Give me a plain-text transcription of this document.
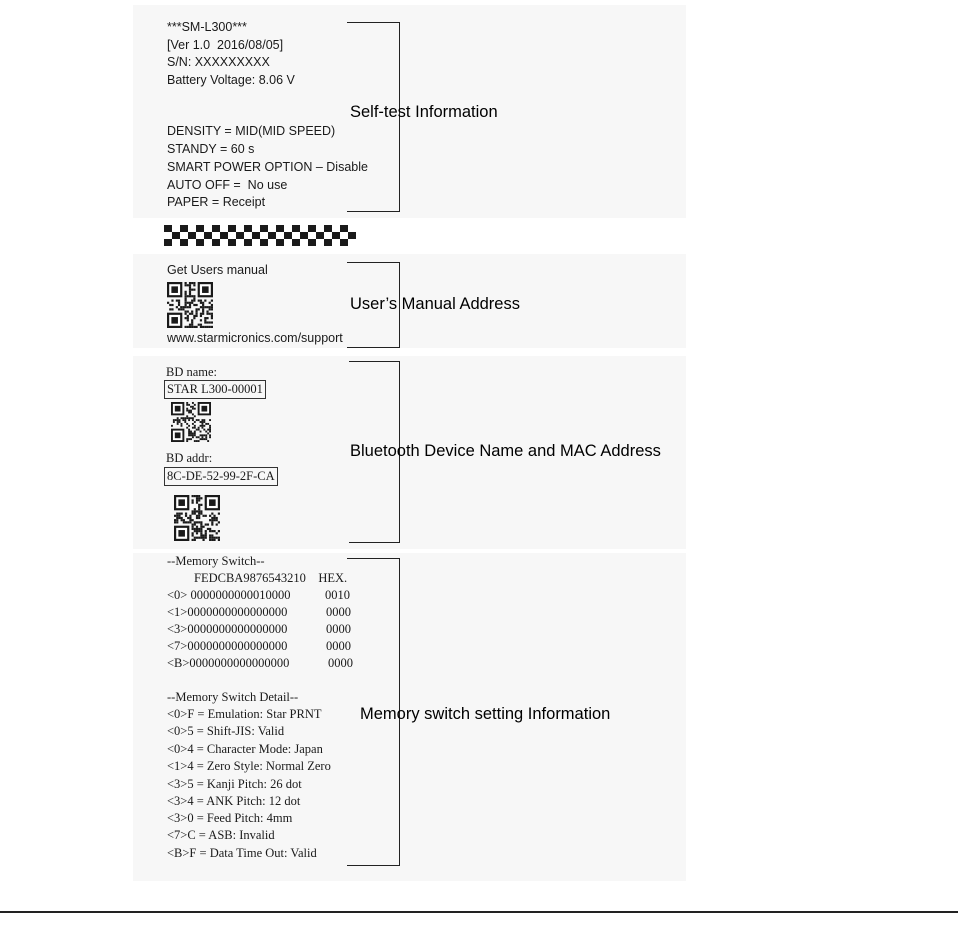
***SM-L300***
[Ver 1.0  2016/08/05]
S/N: XXXXXXXXX
Battery Voltage: 8.06 V
DENSITY = MID(MID SPEED)
STANDY = 60 s
SMART POWER OPTION – Disable
AUTO OFF =  No use
PAPER = Receipt
Self-test Information
Get Users manual
www.starmicronics.com/support
User’s Manual Address
BD name:
STAR L300-00001
BD addr:
8C-DE-52-99-2F-CA
Bluetooth Device Name and MAC Address
--Memory Switch--
FEDCBA9876543210    HEX.
<0> 0000000000010000	0010
<1>0000000000000000	0000
<3>0000000000000000	0000
<7>0000000000000000	0000
<B>0000000000000000	0000
--Memory Switch Detail--
<0>F = Emulation: Star PRNT
<0>5 = Shift-JIS: Valid
<0>4 = Character Mode: Japan
<1>4 = Zero Style: Normal Zero
<3>5 = Kanji Pitch: 26 dot
<3>4 = ANK Pitch: 12 dot
<3>0 = Feed Pitch: 4mm
<7>C = ASB: Invalid
<B>F = Data Time Out: Valid
Memory switch setting Information
